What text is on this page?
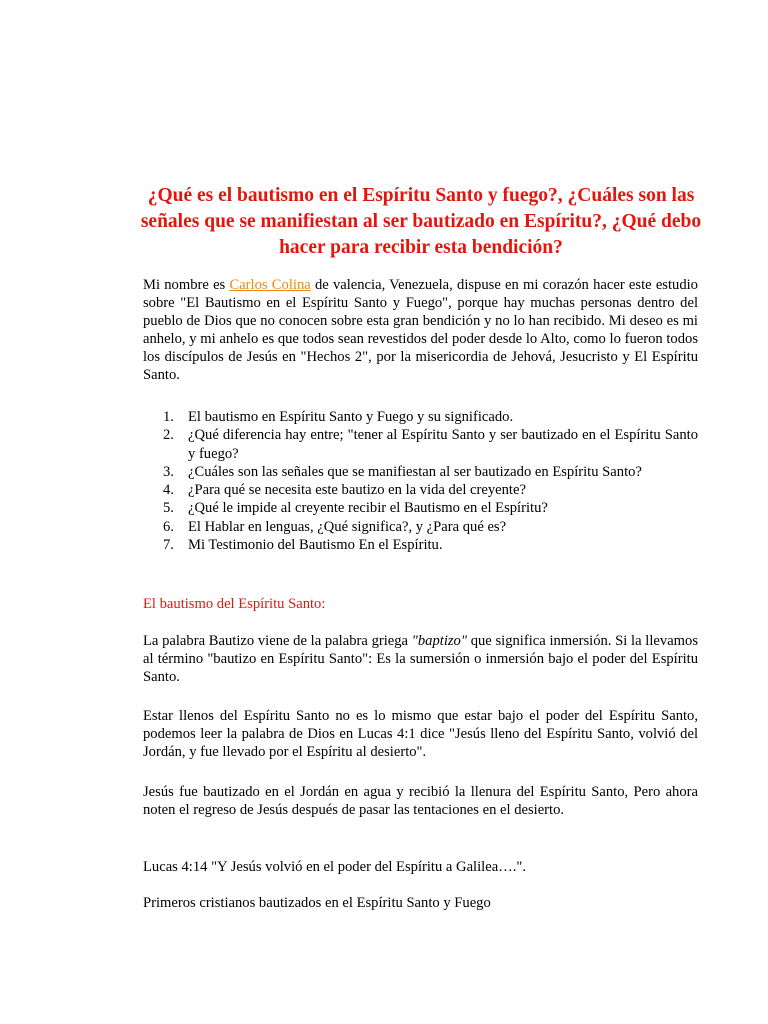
¿Qué es el bautismo en el Espíritu Santo y fuego?, ¿Cuáles son las señales que se manifiestan al ser bautizado en Espíritu?, ¿Qué debo hacer para recibir esta bendición?

Mi nombre es Carlos Colina de valencia, Venezuela, dispuse en mi corazón hacer este estudio sobre "El Bautismo en el Espíritu Santo y Fuego", porque hay muchas personas dentro del pueblo de Dios que no conocen sobre esta gran bendición y no lo han recibido. Mi deseo es mi anhelo, y mi anhelo es que todos sean revestidos del poder desde lo Alto, como lo fueron todos los discípulos de Jesús en "Hechos 2", por la misericordia de Jehová, Jesucristo y El Espíritu Santo.

1. El bautismo en Espíritu Santo y Fuego y su significado.
2. ¿Qué diferencia hay entre; "tener al Espíritu Santo y ser bautizado en el Espíritu Santo y fuego?
3. ¿Cuáles son las señales que se manifiestan al ser bautizado en Espíritu Santo?
4. ¿Para qué se necesita este bautizo en la vida del creyente?
5. ¿Qué le impide al creyente recibir el Bautismo en el Espíritu?
6. El Hablar en lenguas, ¿Qué significa?, y ¿Para qué es?
7. Mi Testimonio del Bautismo En el Espíritu.
El bautismo del Espíritu Santo:

La palabra Bautizo viene de la palabra griega "baptizo" que significa inmersión. Si la llevamos al término "bautizo en Espíritu Santo": Es la sumersión o inmersión bajo el poder del Espíritu Santo.

Estar llenos del Espíritu Santo no es lo mismo que estar bajo el poder del Espíritu Santo, podemos leer la palabra de Dios en Lucas 4:1 dice "Jesús lleno del Espíritu Santo, volvió del Jordán, y fue llevado por el Espíritu al desierto".

Jesús fue bautizado en el Jordán en agua y recibió la llenura del Espíritu Santo, Pero ahora noten el regreso de Jesús después de pasar las tentaciones en el desierto.

Lucas 4:14 "Y Jesús volvió en el poder del Espíritu a Galilea….".

Primeros cristianos bautizados en el Espíritu Santo y Fuego
